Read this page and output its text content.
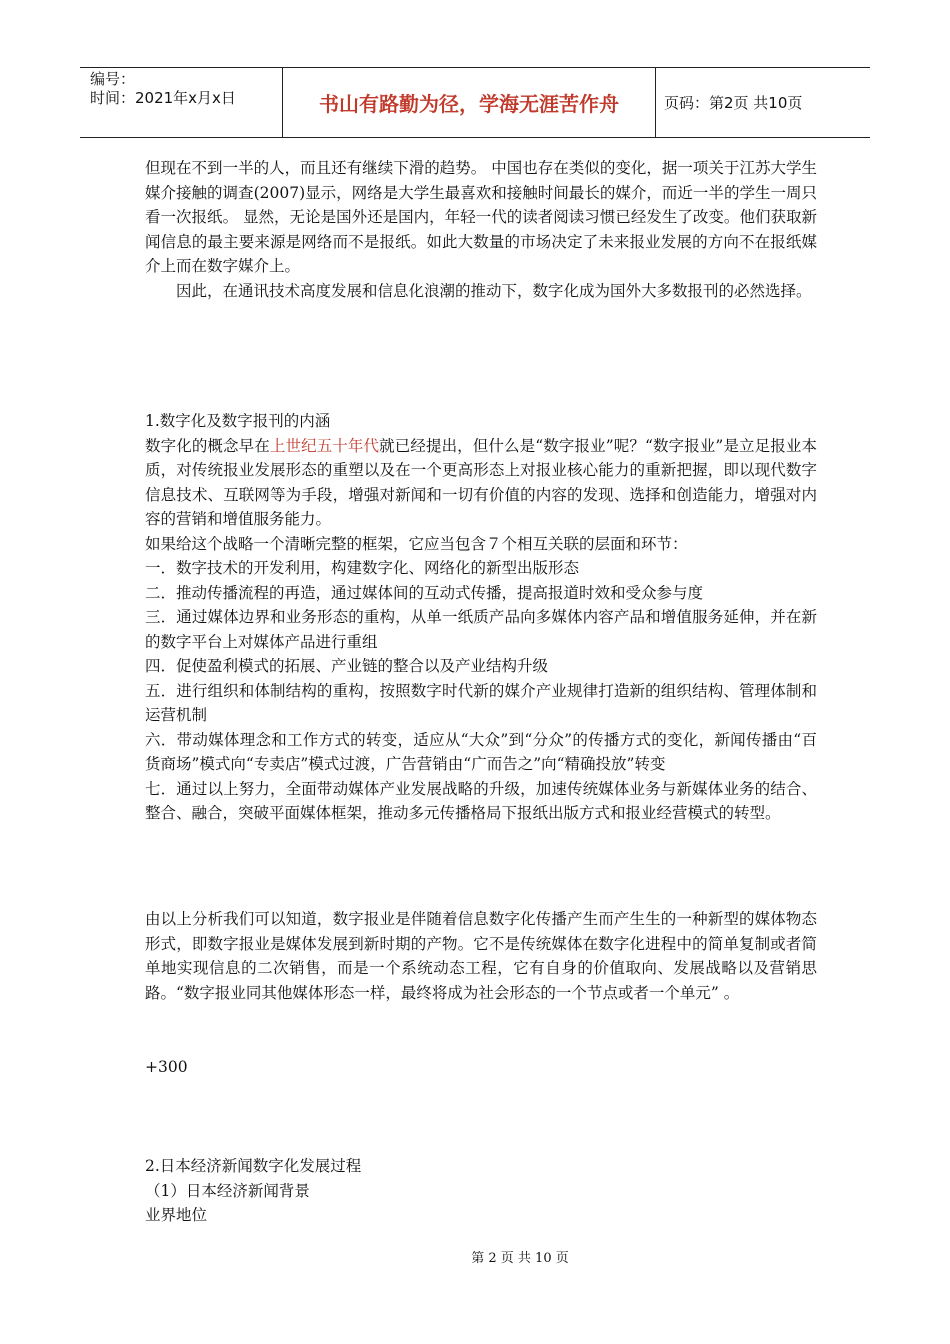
编号：
时间：2021年x月x日	书山有路勤为径，学海无涯苦作舟	页码：第2页 共10页

但现在不到一半的人，而且还有继续下滑的趋势。 中国也存在类似的变化，据一项关于江苏大学生媒介接触的调查(2007)显示，网络是大学生最喜欢和接触时间最长的媒介，而近一半的学生一周只看一次报纸。 显然，无论是国外还是国内，年轻一代的读者阅读习惯已经发生了改变。他们获取新闻信息的最主要来源是网络而不是报纸。如此大数量的市场决定了未来报业发展的方向不在报纸媒介上而在数字媒介上。

因此，在通讯技术高度发展和信息化浪潮的推动下，数字化成为国外大多数报刊的必然选择。

1.数字化及数字报刊的内涵

数字化的概念早在上世纪五十年代就已经提出，但什么是“数字报业”呢？“数字报业”是立足报业本质，对传统报业发展形态的重塑以及在一个更高形态上对报业核心能力的重新把握，即以现代数字信息技术、互联网等为手段，增强对新闻和一切有价值的内容的发现、选择和创造能力，增强对内容的营销和增值服务能力。

如果给这个战略一个清晰完整的框架，它应当包含７个相互关联的层面和环节：

一．数字技术的开发利用，构建数字化、网络化的新型出版形态

二．推动传播流程的再造，通过媒体间的互动式传播，提高报道时效和受众参与度

三．通过媒体边界和业务形态的重构，从单一纸质产品向多媒体内容产品和增值服务延伸，并在新的数字平台上对媒体产品进行重组

四．促使盈利模式的拓展、产业链的整合以及产业结构升级

五．进行组织和体制结构的重构，按照数字时代新的媒介产业规律打造新的组织结构、管理体制和运营机制

六．带动媒体理念和工作方式的转变，适应从“大众”到“分众”的传播方式的变化，新闻传播由“百货商场”模式向“专卖店”模式过渡，广告营销由“广而告之”向“精确投放”转变

七．通过以上努力，全面带动媒体产业发展战略的升级，加速传统媒体业务与新媒体业务的结合、整合、融合，突破平面媒体框架，推动多元传播格局下报纸出版方式和报业经营模式的转型。

由以上分析我们可以知道，数字报业是伴随着信息数字化传播产生而产生生的一种新型的媒体物态形式，即数字报业是媒体发展到新时期的产物。它不是传统媒体在数字化进程中的简单复制或者简单地实现信息的二次销售，而是一个系统动态工程，它有自身的价值取向、发展战略以及营销思路。“数字报业同其他媒体形态一样，最终将成为社会形态的一个节点或者一个单元” 。

+300

2.日本经济新闻数字化发展过程

（1）日本经济新闻背景

业界地位

第 2 页 共 10 页
